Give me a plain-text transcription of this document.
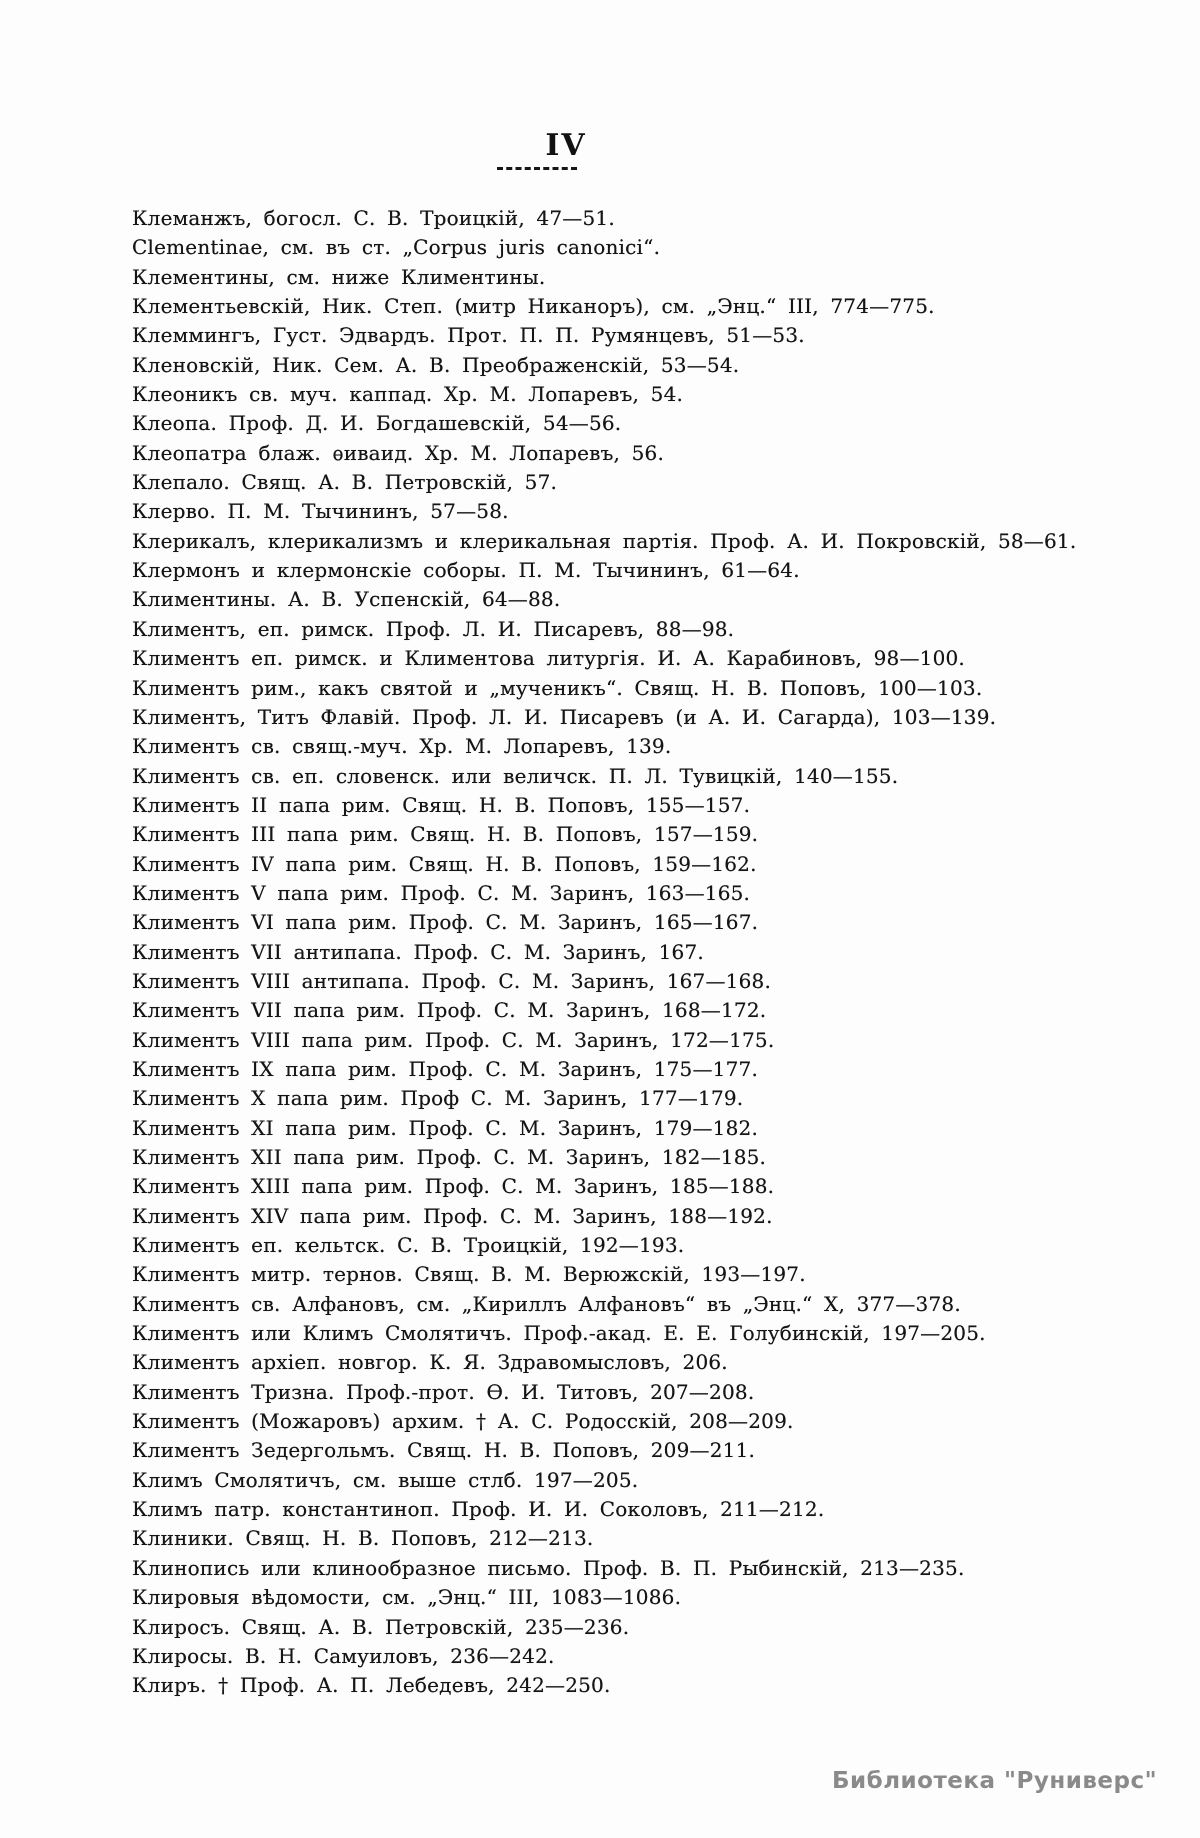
IV
Клеманжъ, богосл. С. В. Троицкій, 47—51.
Clementinae, см. въ ст. „Corpus juris canonici“.
Клементины, см. ниже Климентины.
Клементьевскій, Ник. Степ. (митр Никаноръ), см. „Энц.“ III, 774—775.
Клеммингъ, Густ. Эдвардъ. Прот. П. П. Румянцевъ, 51—53.
Кленовскій, Ник. Сем. А. В. Преображенскій, 53—54.
Клеоникъ св. муч. каппад. Хр. М. Лопаревъ, 54.
Клеопа. Проф. Д. И. Богдашевскій, 54—56.
Клеопатра блаж. ѳиваид. Хр. М. Лопаревъ, 56.
Клепало. Свящ. А. В. Петровскій, 57.
Клерво. П. М. Тычининъ, 57—58.
Клерикалъ, клерикализмъ и клерикальная партія. Проф. А. И. Покровскій, 58—61.
Клермонъ и клермонскіе соборы. П. М. Тычининъ, 61—64.
Климентины. А. В. Успенскій, 64—88.
Климентъ, еп. римск. Проф. Л. И. Писаревъ, 88—98.
Климентъ еп. римск. и Климентова литургія. И. А. Карабиновъ, 98—100.
Климентъ рим., какъ святой и „мученикъ“. Свящ. Н. В. Поповъ, 100—103.
Климентъ, Титъ Флавій. Проф. Л. И. Писаревъ (и А. И. Сагарда), 103—139.
Климентъ св. свящ.-муч. Хр. М. Лопаревъ, 139.
Климентъ св. еп. словенск. или величск. П. Л. Тувицкій, 140—155.
Климентъ II папа рим. Свящ. Н. В. Поповъ, 155—157.
Климентъ III папа рим. Свящ. Н. В. Поповъ, 157—159.
Климентъ IV папа рим. Свящ. Н. В. Поповъ, 159—162.
Климентъ V папа рим. Проф. С. М. Заринъ, 163—165.
Климентъ VI папа рим. Проф. С. М. Заринъ, 165—167.
Климентъ VII антипапа. Проф. С. М. Заринъ, 167.
Климентъ VIII антипапа. Проф. С. М. Заринъ, 167—168.
Климентъ VII папа рим. Проф. С. М. Заринъ, 168—172.
Климентъ VIII папа рим. Проф. С. М. Заринъ, 172—175.
Климентъ IX папа рим. Проф. С. М. Заринъ, 175—177.
Климентъ X папа рим. Проф С. М. Заринъ, 177—179.
Климентъ XI папа рим. Проф. С. М. Заринъ, 179—182.
Климентъ XII папа рим. Проф. С. М. Заринъ, 182—185.
Климентъ XIII папа рим. Проф. С. М. Заринъ, 185—188.
Климентъ XIV папа рим. Проф. С. М. Заринъ, 188—192.
Климентъ еп. кельтск. С. В. Троицкій, 192—193.
Климентъ митр. тернов. Свящ. В. М. Верюжскій, 193—197.
Климентъ св. Алфановъ, см. „Кириллъ Алфановъ“ въ „Энц.“ X, 377—378.
Климентъ или Климъ Смолятичъ. Проф.-акад. Е. Е. Голубинскій, 197—205.
Климентъ архіеп. новгор. К. Я. Здравомысловъ, 206.
Климентъ Тризна. Проф.-прот. Ѳ. И. Титовъ, 207—208.
Климентъ (Можаровъ) архим. † А. С. Родосскій, 208—209.
Климентъ Зедергольмъ. Свящ. Н. В. Поповъ, 209—211.
Климъ Смолятичъ, см. выше стлб. 197—205.
Климъ патр. константиноп. Проф. И. И. Соколовъ, 211—212.
Клиники. Свящ. Н. В. Поповъ, 212—213.
Клинопись или клинообразное письмо. Проф. В. П. Рыбинскій, 213—235.
Клировыя вѣдомости, см. „Энц.“ III, 1083—1086.
Клиросъ. Свящ. А. В. Петровскій, 235—236.
Клиросы. В. Н. Самуиловъ, 236—242.
Клиръ. † Проф. А. П. Лебедевъ, 242—250.
Библиотека "Руниверс"
